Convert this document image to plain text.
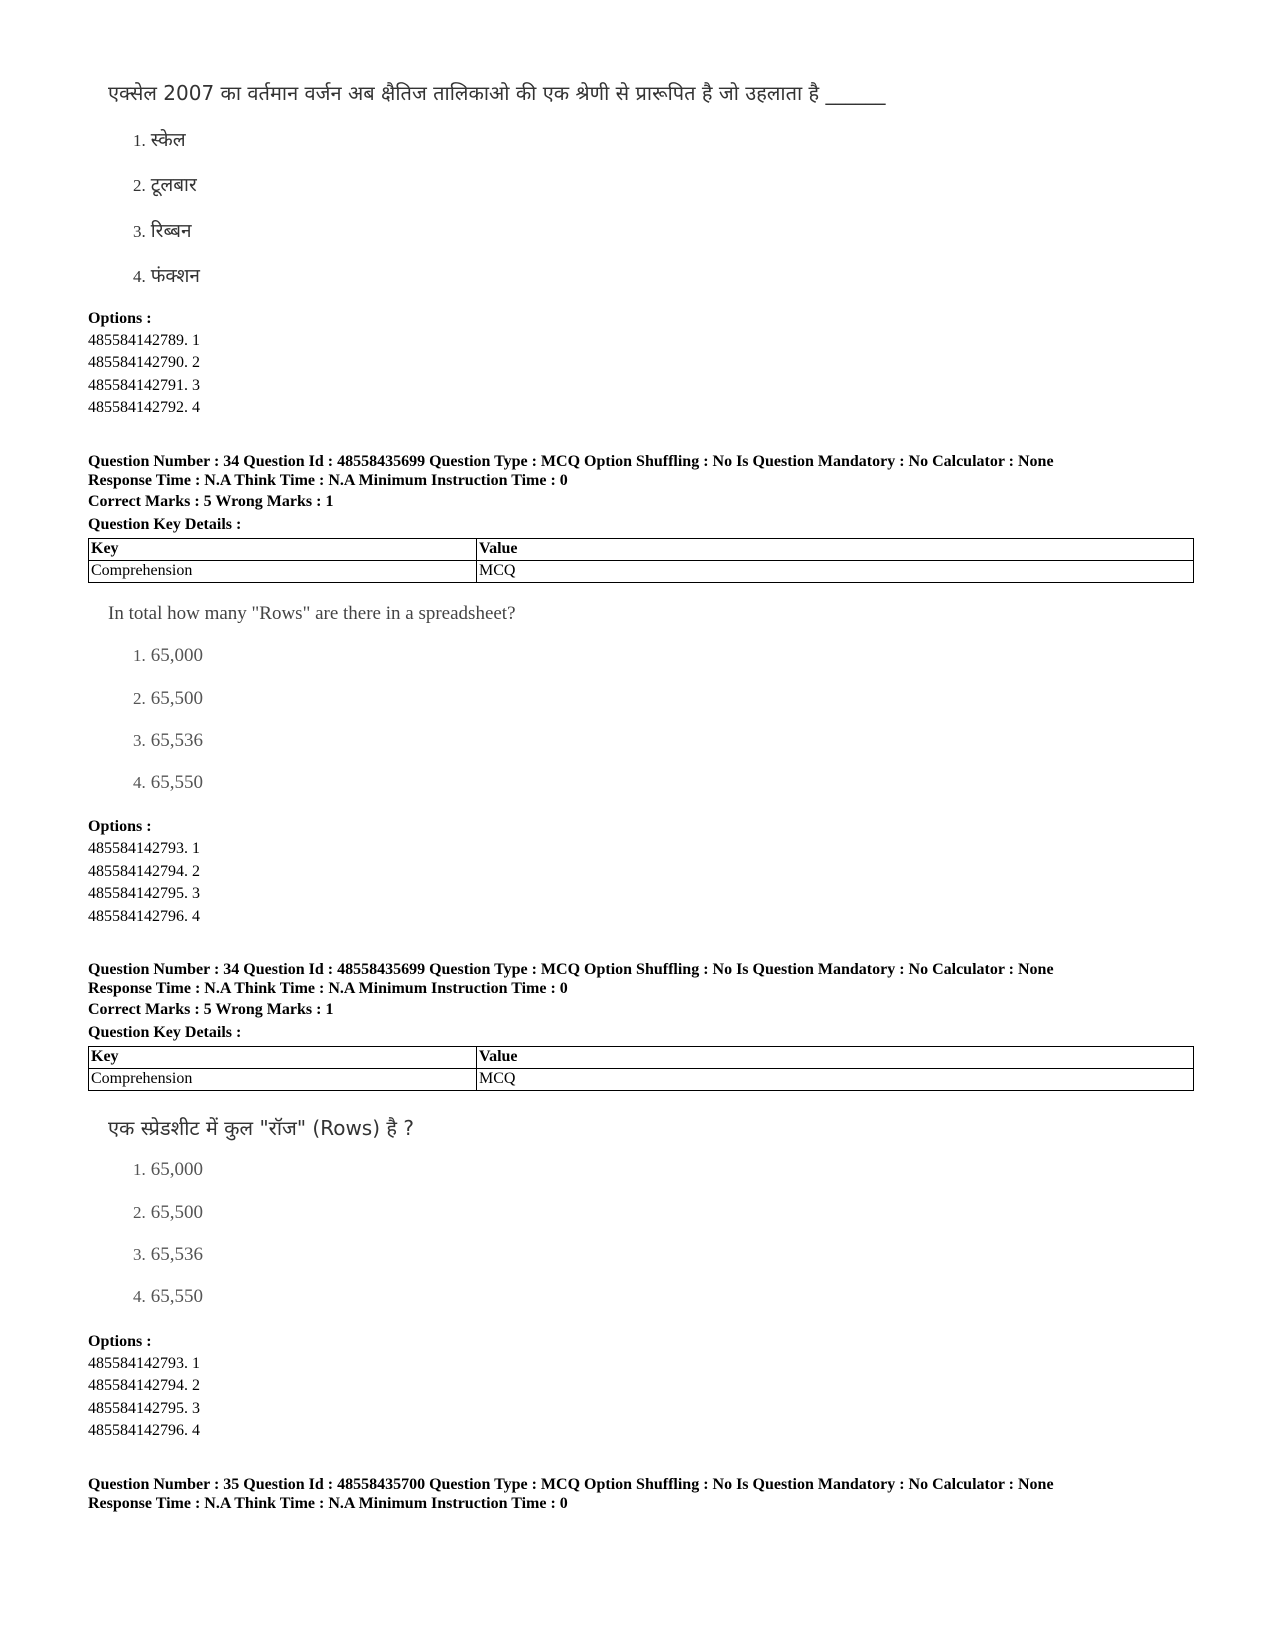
एक्सेल 2007 का वर्तमान वर्जन अब क्षैतिज तालिकाओ की एक श्रेणी से प्रारूपित है जो उहलाता है ______
1. स्केल
2. टूलबार
3. रिब्बन
4. फंक्शन
Options :
485584142789. 1
485584142790. 2
485584142791. 3
485584142792. 4
Question Number : 34 Question Id : 48558435699 Question Type : MCQ Option Shuffling : No Is Question Mandatory : No Calculator : None
Response Time : N.A Think Time : N.A Minimum Instruction Time : 0
Correct Marks : 5 Wrong Marks : 1
Question Key Details :
Key	Value
Comprehension	MCQ
In total how many "Rows" are there in a spreadsheet?
1. 65,000
2. 65,500
3. 65,536
4. 65,550
Options :
485584142793. 1
485584142794. 2
485584142795. 3
485584142796. 4
Question Number : 34 Question Id : 48558435699 Question Type : MCQ Option Shuffling : No Is Question Mandatory : No Calculator : None
Response Time : N.A Think Time : N.A Minimum Instruction Time : 0
Correct Marks : 5 Wrong Marks : 1
Question Key Details :
Key	Value
Comprehension	MCQ
एक स्प्रेडशीट में कुल "रॉज" (Rows) है ?
1. 65,000
2. 65,500
3. 65,536
4. 65,550
Options :
485584142793. 1
485584142794. 2
485584142795. 3
485584142796. 4
Question Number : 35 Question Id : 48558435700 Question Type : MCQ Option Shuffling : No Is Question Mandatory : No Calculator : None
Response Time : N.A Think Time : N.A Minimum Instruction Time : 0
